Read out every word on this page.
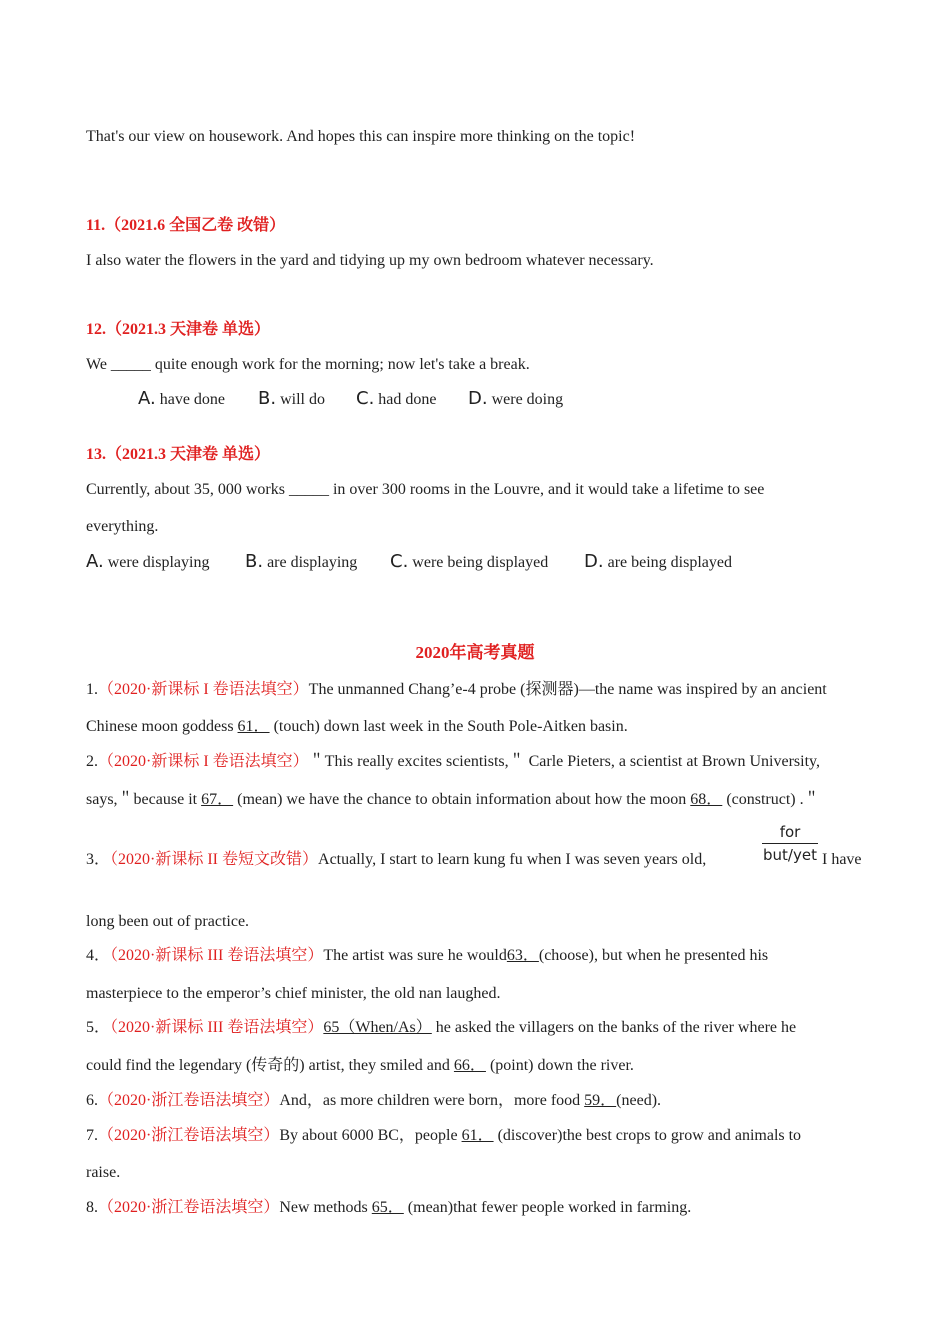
That's our view on housework. And hopes this can inspire more thinking on the topic!
11.（2021.6 全国乙卷 改错）
I also water the flowers in the yard and tidying up my own bedroom whatever necessary.
12.（2021.3 天津卷 单选）
We _____ quite enough work for the morning; now let's take a break.
A. have done B. will do C. had done D. were doing
13.（2021.3 天津卷 单选）
Currently, about 35, 000 works _____ in over 300 rooms in the Louvre, and it would take a lifetime to see
everything.
A. were displaying B. are displaying C. were being displayed D. are being displayed
2020年高考真题
1.（2020·新课标 I 卷语法填空）The unmanned Chang’e-4 probe (探测器)—the name was inspired by an ancient
Chinese moon goddess 61． (touch) down last week in the South Pole-Aitken basin.
2.（2020·新课标 I 卷语法填空）＂This really excites scientists,＂ Carle Pieters, a scientist at Brown University,
says,＂because it 67． (mean) we have the chance to obtain information about how the moon 68． (construct) .＂
for
but/yet
3．（2020·新课标 II 卷短文改错）Actually, I start to learn kung fu when I was seven years old,	I have
long been out of practice.
4．（2020·新课标 III 卷语法填空）The artist was sure he would63．(choose), but when he presented his
masterpiece to the emperor’s chief minister, the old nan laughed.
5．（2020·新课标 III 卷语法填空）65（When/As） he asked the villagers on the banks of the river where he
could find the legendary (传奇的) artist, they smiled and 66． (point) down the river.
6.（2020·浙江卷语法填空）And，as more children were born，more food 59．(need).
7.（2020·浙江卷语法填空）By about 6000 BC，people 61． (discover)the best crops to grow and animals to
raise.
8.（2020·浙江卷语法填空）New methods 65． (mean)that fewer people worked in farming.
